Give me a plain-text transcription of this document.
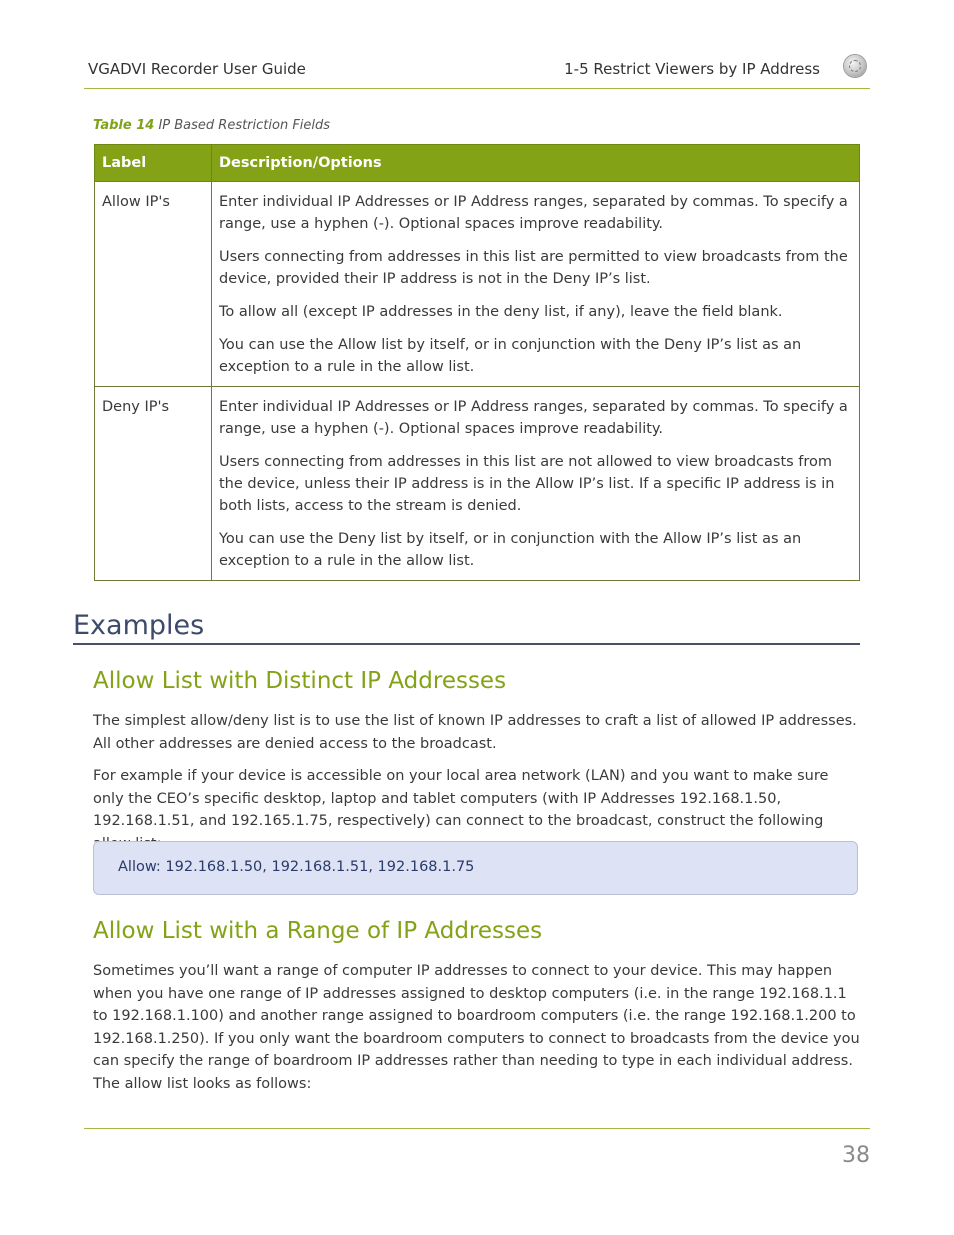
VGADVI Recorder User Guide	1-5 Restrict Viewers by IP Address
Table 14 IP Based Restriction Fields
Label	Description/Options
Allow IP's	Enter individual IP Addresses or IP Address ranges, separated by commas. To specify a range, use a hyphen (-). Optional spaces improve readability.

Users connecting from addresses in this list are permitted to view broadcasts from the device, provided their IP address is not in the Deny IP’s list.

To allow all (except IP addresses in the deny list, if any), leave the field blank.

You can use the Allow list by itself, or in conjunction with the Deny IP’s list as an exception to a rule in the allow list.

Deny IP's	Enter individual IP Addresses or IP Address ranges, separated by commas. To specify a range, use a hyphen (-). Optional spaces improve readability.

Users connecting from addresses in this list are not allowed to view broadcasts from the device, unless their IP address is in the Allow IP’s list. If a specific IP address is in both lists, access to the stream is denied.

You can use the Deny list by itself, or in conjunction with the Allow IP’s list as an exception to a rule in the allow list.

Examples
Allow List with Distinct IP Addresses

The simplest allow/deny list is to use the list of known IP addresses to craft a list of allowed IP addresses. All other addresses are denied access to the broadcast.

For example if your device is accessible on your local area network (LAN) and you want to make sure only the CEO’s specific desktop, laptop and tablet computers (with IP Addresses 192.168.1.50, 192.168.1.51, and 192.165.1.75, respectively) can connect to the broadcast, construct the following

Allow: 192.168.1.50, 192.168.1.51, 192.168.1.75
Allow List with a Range of IP Addresses

Sometimes you’ll want a range of computer IP addresses to connect to your device. This may happen when you have one range of IP addresses assigned to desktop computers (i.e. in the range 192.168.1.1 to 192.168.1.100) and another range assigned to boardroom computers (i.e. the range 192.168.1.200 to 192.168.1.250). If you only want the boardroom computers to connect to broadcasts from the device you can specify the range of boardroom IP addresses rather than needing to type in each individual address. The allow list looks as follows:

38
